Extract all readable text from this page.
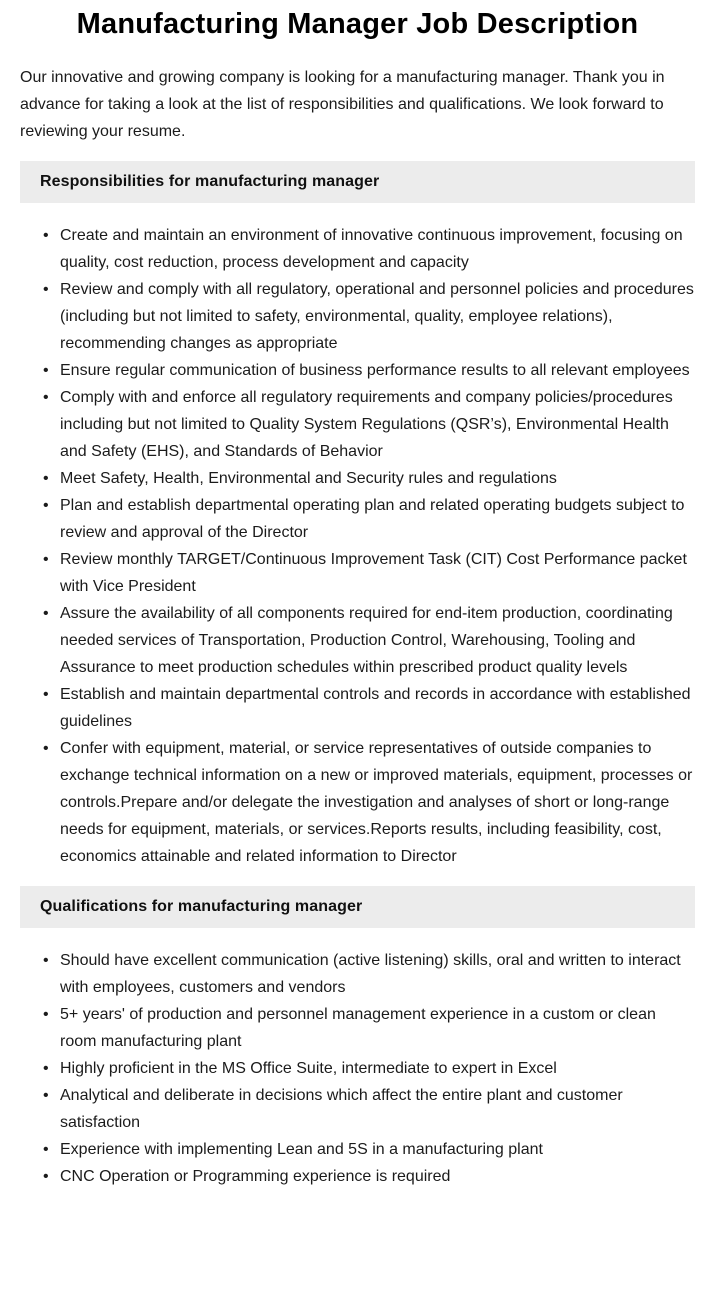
Manufacturing Manager Job Description

Our innovative and growing company is looking for a manufacturing manager. Thank you in advance for taking a look at the list of responsibilities and qualifications. We look forward to reviewing your resume.

Responsibilities for manufacturing manager
• Create and maintain an environment of innovative continuous improvement, focusing on quality, cost reduction, process development and capacity
• Review and comply with all regulatory, operational and personnel policies and procedures (including but not limited to safety, environmental, quality, employee relations), recommending changes as appropriate
• Ensure regular communication of business performance results to all relevant employees
• Comply with and enforce all regulatory requirements and company policies/procedures including but not limited to Quality System Regulations (QSR’s), Environmental Health and Safety (EHS), and Standards of Behavior
• Meet Safety, Health, Environmental and Security rules and regulations
• Plan and establish departmental operating plan and related operating budgets subject to review and approval of the Director
• Review monthly TARGET/Continuous Improvement Task (CIT) Cost Performance packet with Vice President
• Assure the availability of all components required for end-item production, coordinating needed services of Transportation, Production Control, Warehousing, Tooling and Assurance to meet production schedules within prescribed product quality levels
• Establish and maintain departmental controls and records in accordance with established guidelines
• Confer with equipment, material, or service representatives of outside companies to exchange technical information on a new or improved materials, equipment, processes or controls.Prepare and/or delegate the investigation and analyses of short or long-range needs for equipment, materials, or services.Reports results, including feasibility, cost, economics attainable and related information to Director
Qualifications for manufacturing manager
• Should have excellent communication (active listening) skills, oral and written to interact with employees, customers and vendors
• 5+ years' of production and personnel management experience in a custom or clean room manufacturing plant
• Highly proficient in the MS Office Suite, intermediate to expert in Excel
• Analytical and deliberate in decisions which affect the entire plant and customer satisfaction
• Experience with implementing Lean and 5S in a manufacturing plant
• CNC Operation or Programming experience is required
